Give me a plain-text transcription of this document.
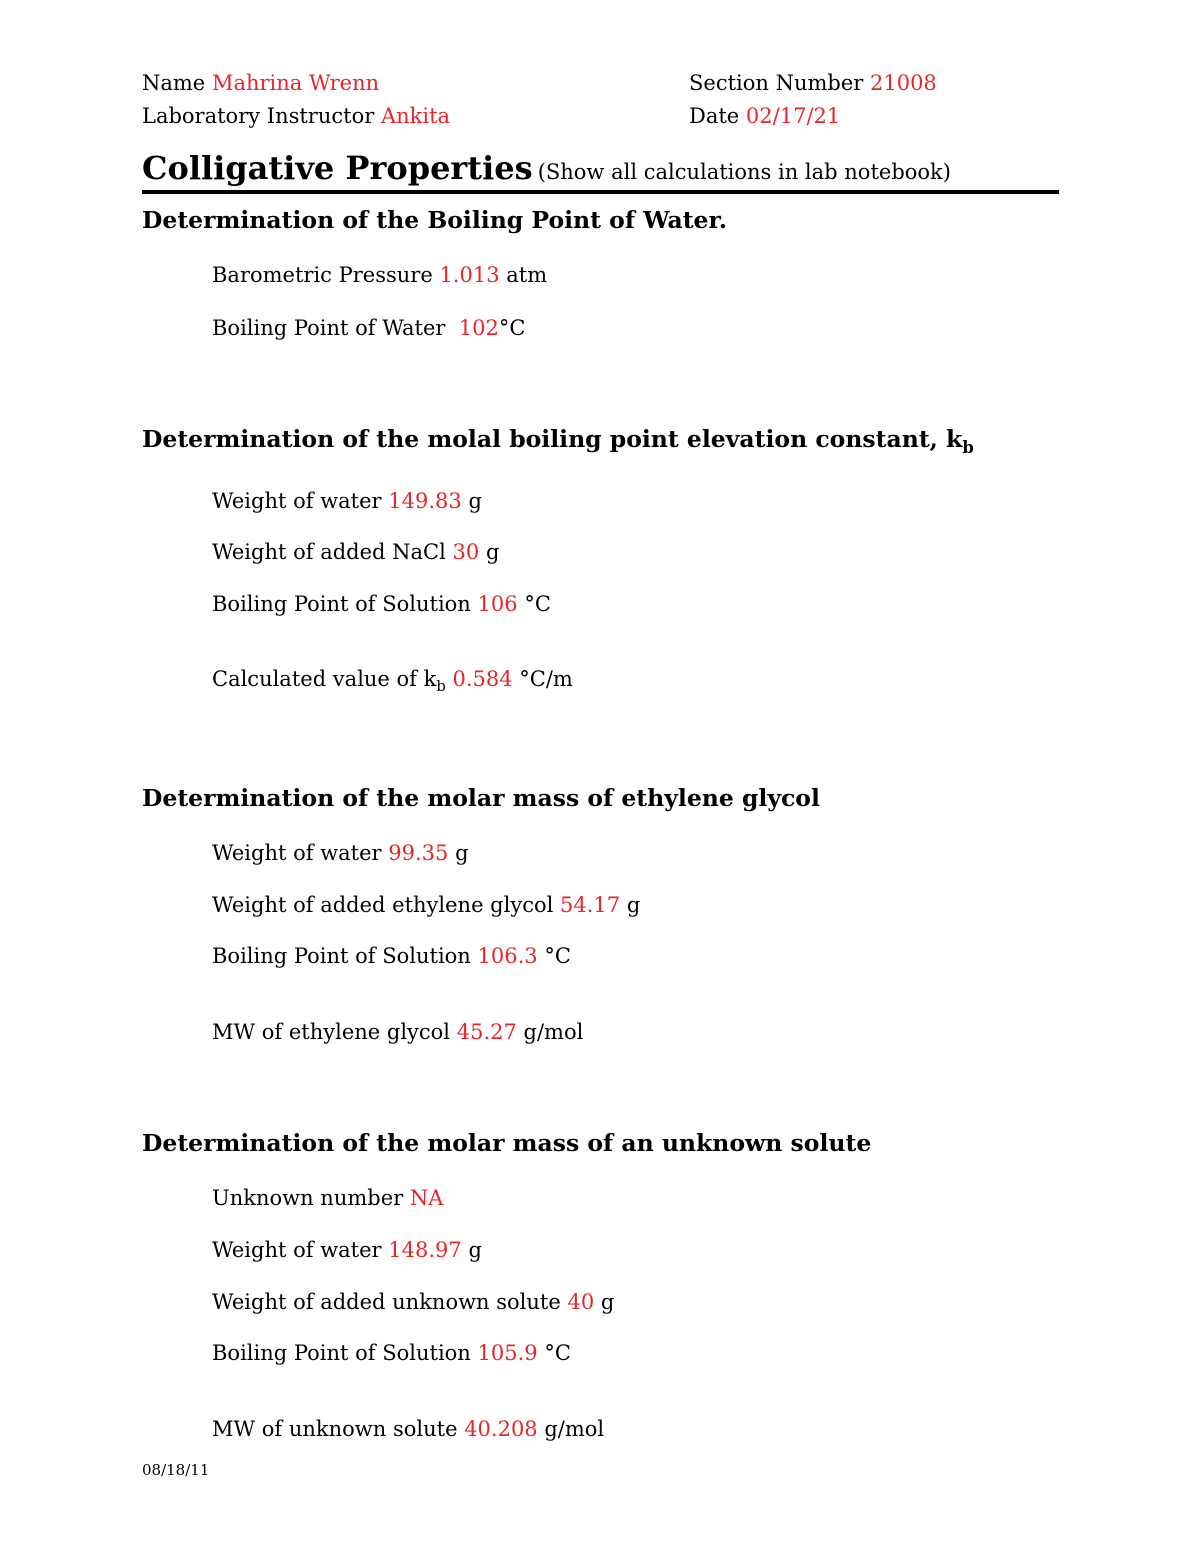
Name Mahrina Wrenn
Laboratory Instructor Ankita
Section Number 21008
Date 02/17/21
Colligative Properties (Show all calculations in lab notebook)
Determination of the Boiling Point of Water.
Barometric Pressure 1.013 atm
Boiling Point of Water 102°C
Determination of the molal boiling point elevation constant, $k_b$
Weight of water 149.83 g
Weight of added NaCl 30 g
Boiling Point of Solution 106 °C
Calculated value of $k_b$ 0.584 °C/m
Determination of the molar mass of ethylene glycol
Weight of water 99.35 g
Weight of added ethylene glycol 54.17 g
Boiling Point of Solution 106.3 °C
MW of ethylene glycol 45.27 g/mol
Determination of the molar mass of an unknown solute
Unknown number NA
Weight of water 148.97 g
Weight of added unknown solute 40 g
Boiling Point of Solution 105.9 °C
MW of unknown solute 40.208 g/mol
08/18/11
